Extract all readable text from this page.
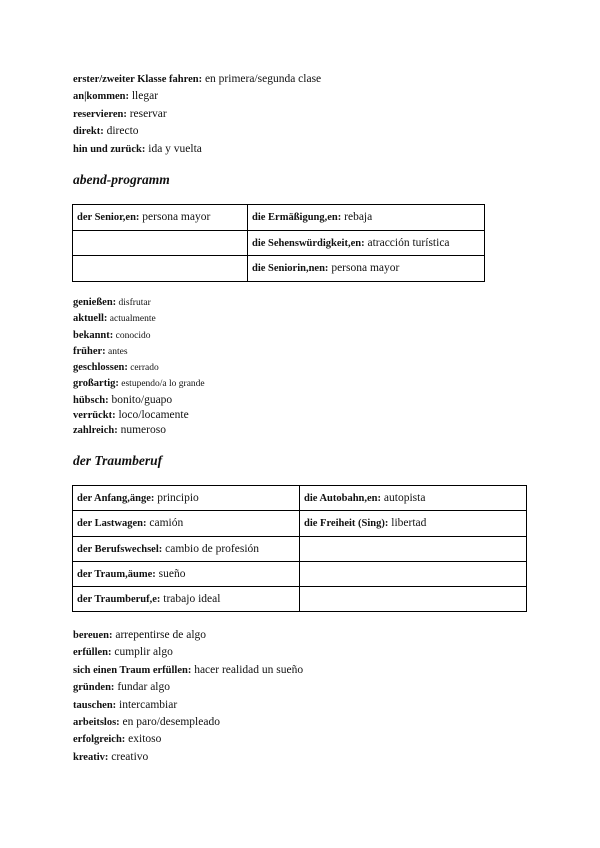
erster/zweiter Klasse fahren: en primera/segunda clase
an|kommen: llegar
reservieren: reservar
direkt: directo
hin und zurück: ida y vuelta
abend-programm
der Senior,en: persona mayor	die Ermäßigung,en: rebaja
	die Sehenswürdigkeit,en: atracción turística
	die Seniorin,nen: persona mayor
genießen: disfrutar
aktuell: actualmente
bekannt: conocido
früher: antes
geschlossen: cerrado
großartig: estupendo/a lo grande
hübsch: bonito/guapo
verrückt: loco/locamente
zahlreich: numeroso
der Traumberuf
der Anfang,änge: principio	die Autobahn,en: autopista
der Lastwagen: camión	die Freiheit (Sing): libertad
der Berufswechsel: cambio de profesión	
der Traum,äume: sueño	
der Traumberuf,e: trabajo ideal	
bereuen: arrepentirse de algo
erfüllen: cumplir algo
sich einen Traum erfüllen: hacer realidad un sueño
gründen: fundar algo
tauschen: intercambiar
arbeitslos: en paro/desempleado
erfolgreich: exitoso
kreativ: creativo
